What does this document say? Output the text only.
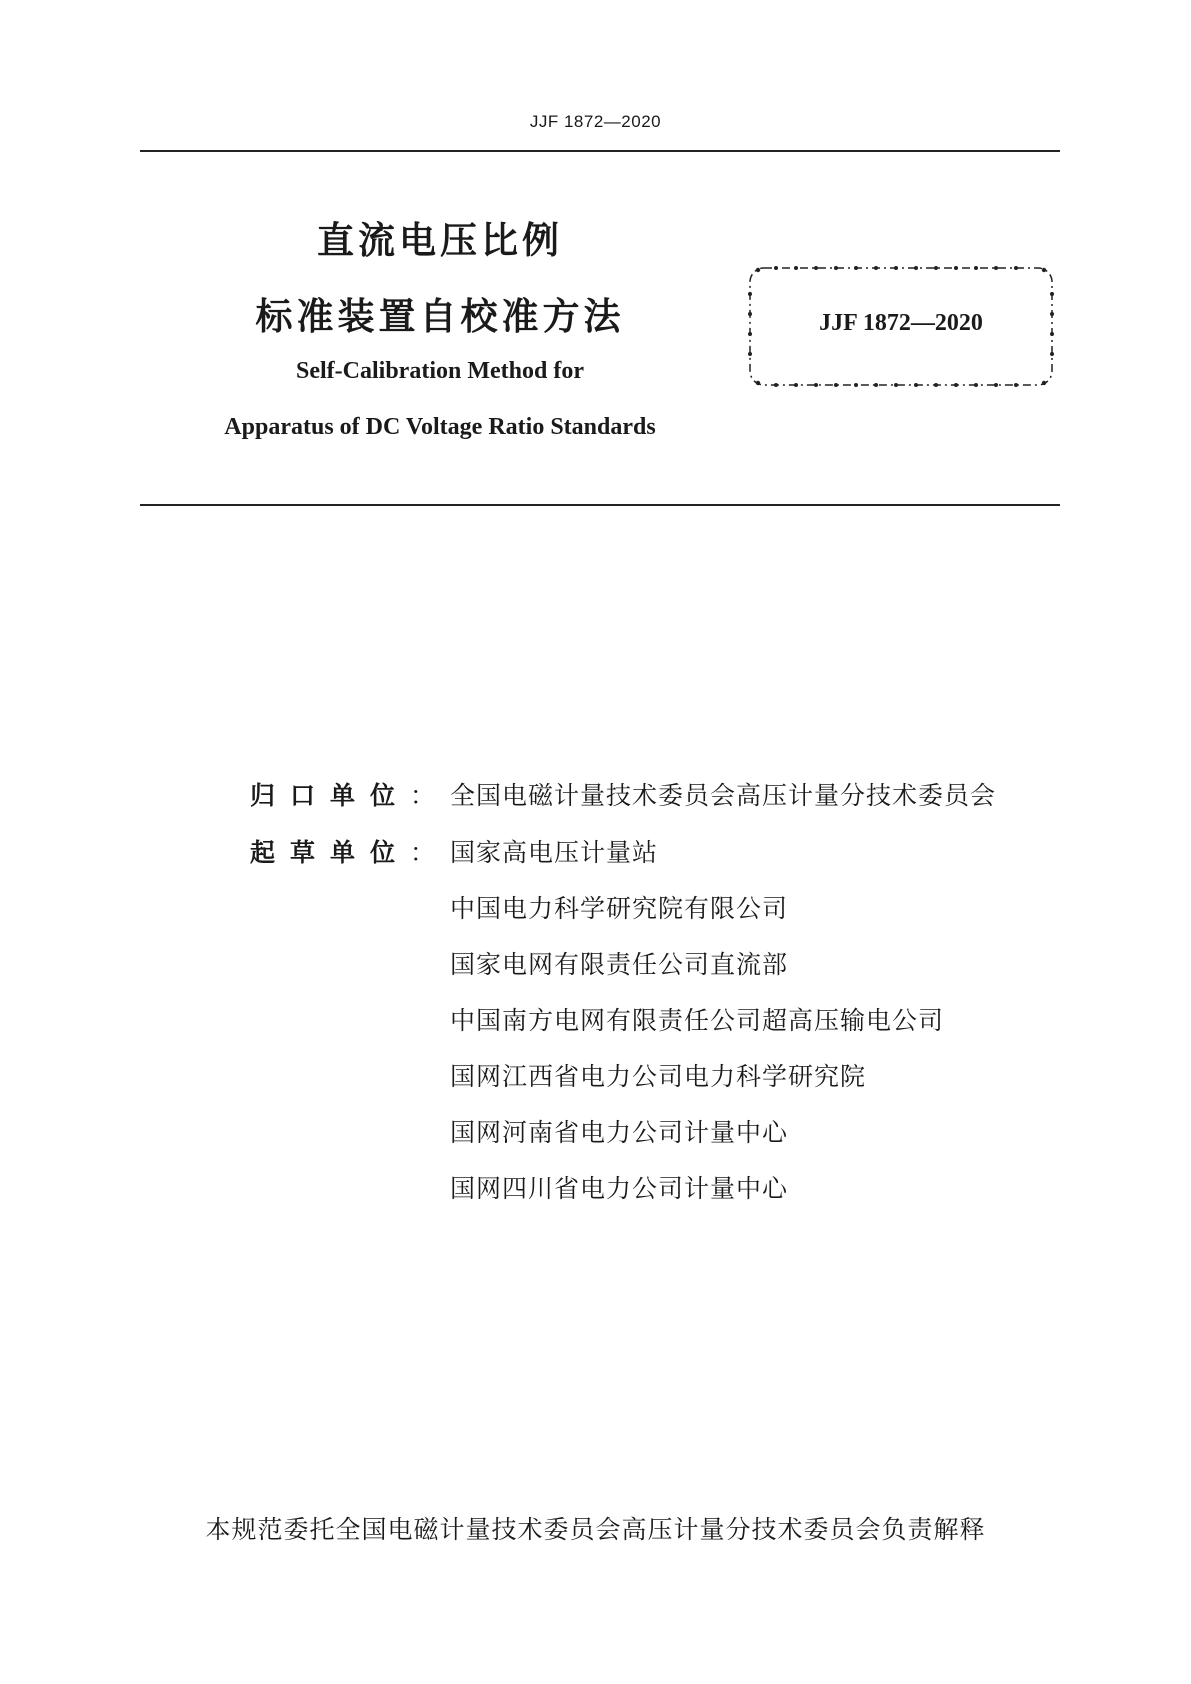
JJF 1872—2020
直流电压比例
标准装置自校准方法
Self-Calibration Method for
Apparatus of DC Voltage Ratio Standards
JJF 1872—2020
归口单位： 全国电磁计量技术委员会高压计量分技术委员会
起草单位： 国家高电压计量站
中国电力科学研究院有限公司
国家电网有限责任公司直流部
中国南方电网有限责任公司超高压输电公司
国网江西省电力公司电力科学研究院
国网河南省电力公司计量中心
国网四川省电力公司计量中心
本规范委托全国电磁计量技术委员会高压计量分技术委员会负责解释
